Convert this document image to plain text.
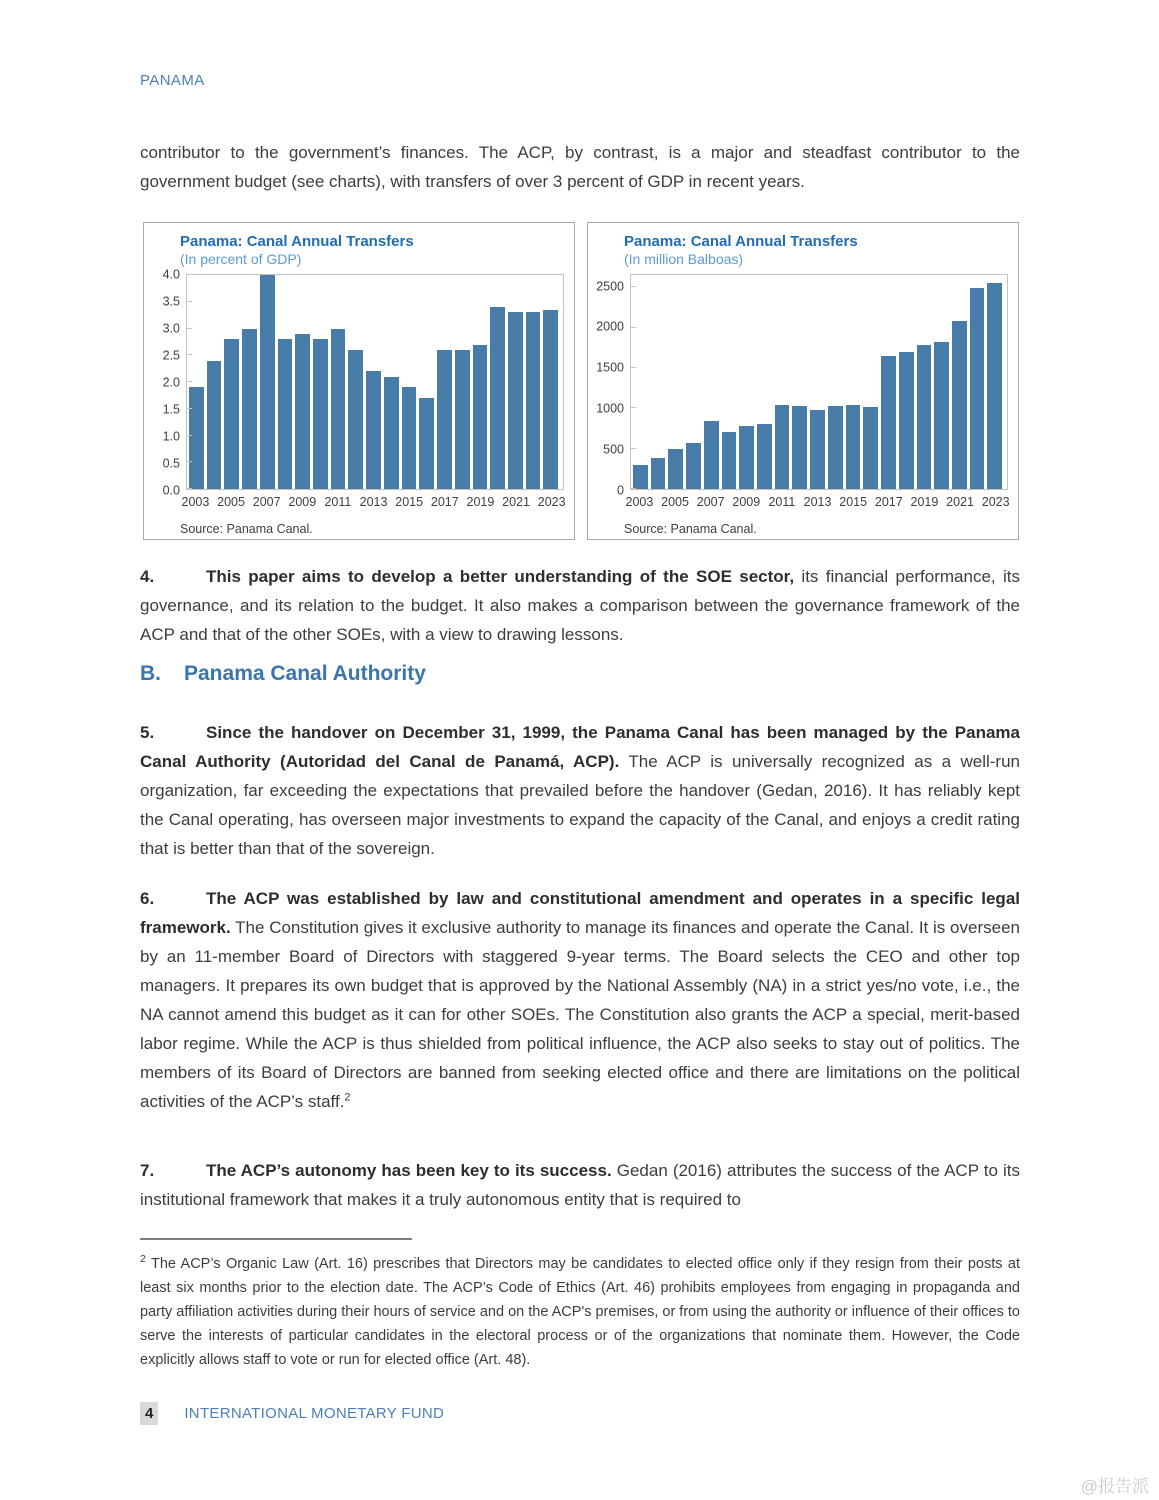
PANAMA
contributor to the government’s finances. The ACP, by contrast, is a major and steadfast contributor to the government budget (see charts), with transfers of over 3 percent of GDP in recent years.
Panama: Canal Annual Transfers
(In percent of GDP)
0.0
0.5
1.0
1.5
2.0
2.5
3.0
3.5
4.0
2003 2005 2007 2009 2011 2013 2015 2017 2019 2021 2023
Source: Panama Canal.
Panama: Canal Annual Transfers
(In million Balboas)
0
500
1000
1500
2000
2500
2003 2005 2007 2009 2011 2013 2015 2017 2019 2021 2023
Source: Panama Canal.
4.	This paper aims to develop a better understanding of the SOE sector, its financial performance, its governance, and its relation to the budget. It also makes a comparison between the governance framework of the ACP and that of the other SOEs, with a view to drawing lessons.
B. Panama Canal Authority
5.	Since the handover on December 31, 1999, the Panama Canal has been managed by the Panama Canal Authority (Autoridad del Canal de Panamá, ACP). The ACP is universally recognized as a well-run organization, far exceeding the expectations that prevailed before the handover (Gedan, 2016). It has reliably kept the Canal operating, has overseen major investments to expand the capacity of the Canal, and enjoys a credit rating that is better than that of the sovereign.
6.	The ACP was established by law and constitutional amendment and operates in a specific legal framework. The Constitution gives it exclusive authority to manage its finances and operate the Canal. It is overseen by an 11-member Board of Directors with staggered 9-year terms. The Board selects the CEO and other top managers. It prepares its own budget that is approved by the National Assembly (NA) in a strict yes/no vote, i.e., the NA cannot amend this budget as it can for other SOEs. The Constitution also grants the ACP a special, merit-based labor regime. While the ACP is thus shielded from political influence, the ACP also seeks to stay out of politics. The members of its Board of Directors are banned from seeking elected office and there are limitations on the political activities of the ACP’s staff.$^2$
7.	The ACP’s autonomy has been key to its success. Gedan (2016) attributes the success of the ACP to its institutional framework that makes it a truly autonomous entity that is required to
$^2$ The ACP’s Organic Law (Art. 16) prescribes that Directors may be candidates to elected office only if they resign from their posts at least six months prior to the election date. The ACP’s Code of Ethics (Art. 46) prohibits employees from engaging in propaganda and party affiliation activities during their hours of service and on the ACP's premises, or from using the authority or influence of their offices to serve the interests of particular candidates in the electoral process or of the organizations that nominate them. However, the Code explicitly allows staff to vote or run for elected office (Art. 48).
4	INTERNATIONAL MONETARY FUND
@报告派
